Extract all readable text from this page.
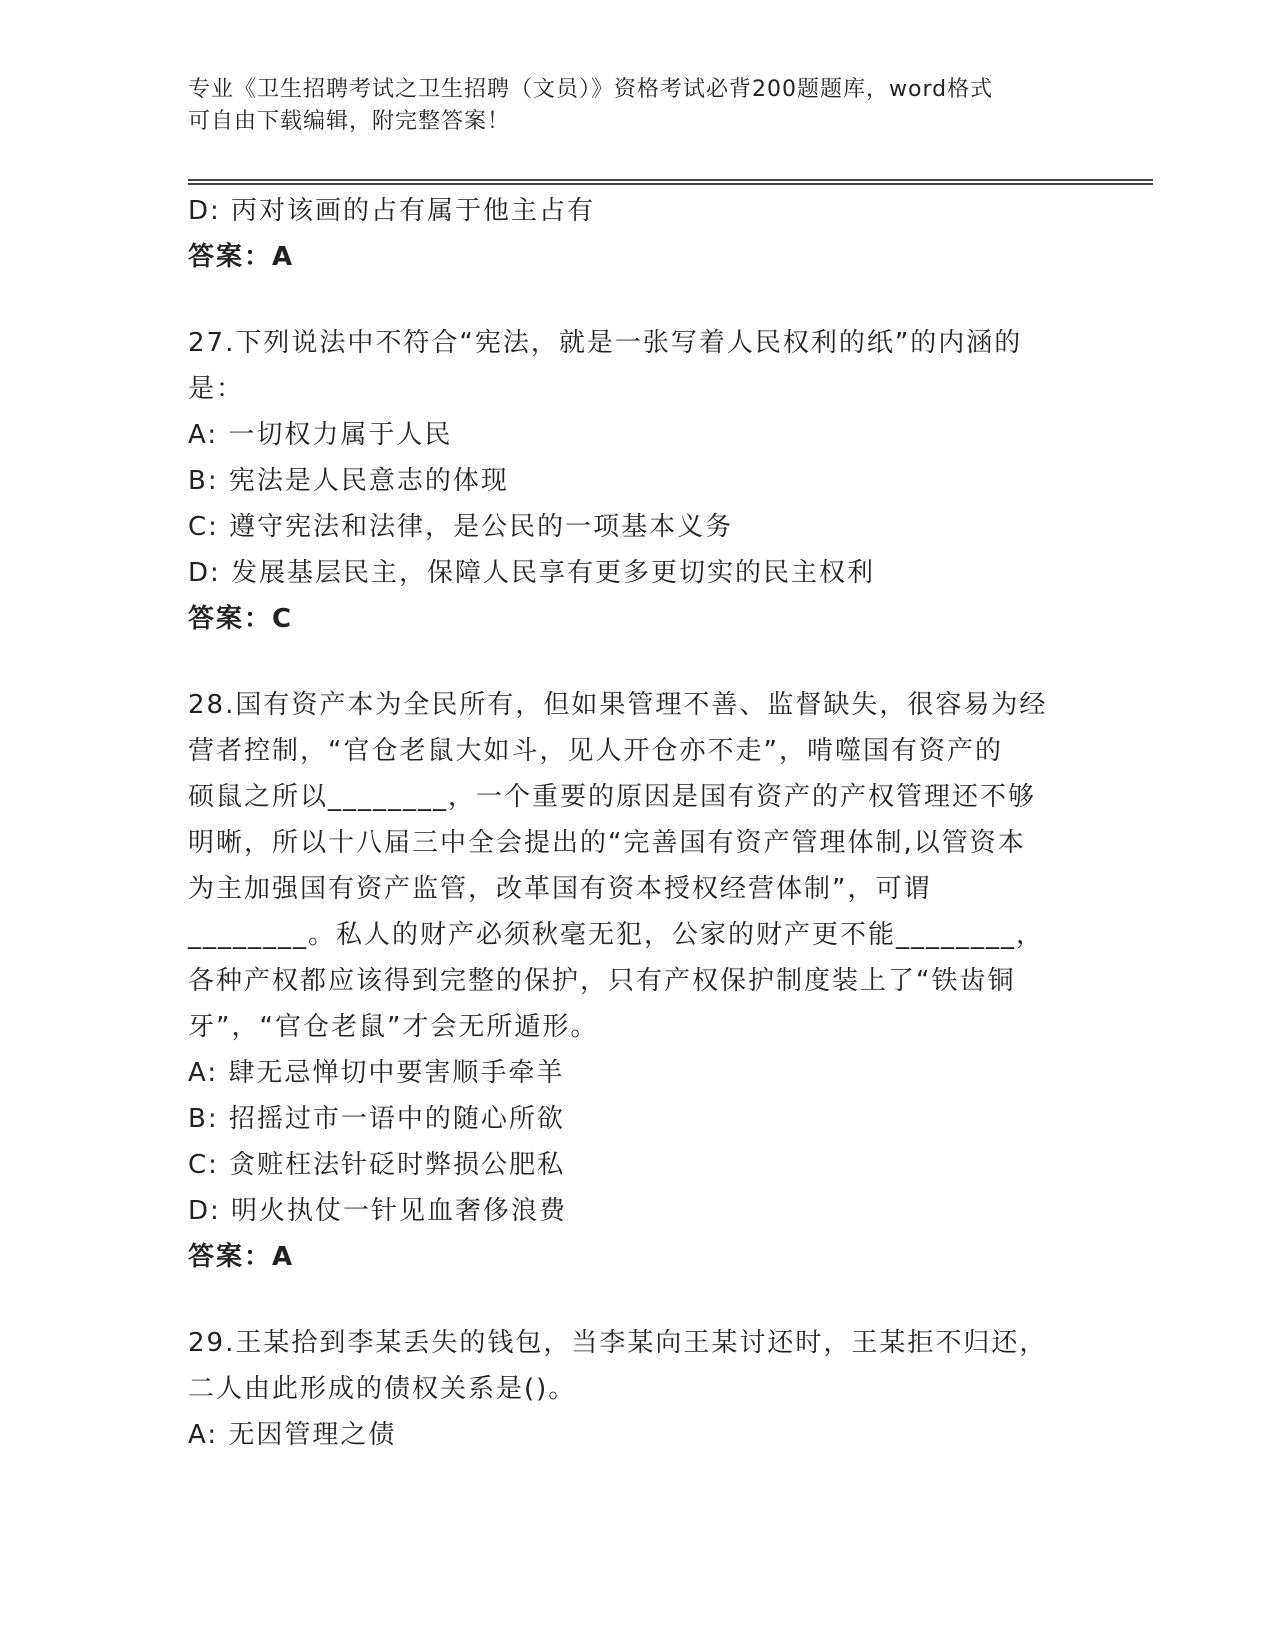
专业《卫生招聘考试之卫生招聘（文员）》资格考试必背200题题库，word格式
可自由下载编辑，附完整答案！
D: 丙对该画的占有属于他主占有
答案：A
27.下列说法中不符合“宪法，就是一张写着人民权利的纸”的内涵的
是：
A: 一切权力属于人民
B: 宪法是人民意志的体现
C: 遵守宪法和法律，是公民的一项基本义务
D: 发展基层民主，保障人民享有更多更切实的民主权利
答案：C
28.国有资产本为全民所有，但如果管理不善、监督缺失，很容易为经
营者控制，“官仓老鼠大如斗，见人开仓亦不走”，啃噬国有资产的
硕鼠之所以________，一个重要的原因是国有资产的产权管理还不够
明晰，所以十八届三中全会提出的“完善国有资产管理体制,以管资本
为主加强国有资产监管，改革国有资本授权经营体制”，可谓
________。私人的财产必须秋毫无犯，公家的财产更不能________，
各种产权都应该得到完整的保护，只有产权保护制度装上了“铁齿铜
牙”，“官仓老鼠”才会无所遁形。
A: 肆无忌惮切中要害顺手牵羊
B: 招摇过市一语中的随心所欲
C: 贪赃枉法针砭时弊损公肥私
D: 明火执仗一针见血奢侈浪费
答案：A
29.王某拾到李某丢失的钱包，当李某向王某讨还时，王某拒不归还，
二人由此形成的债权关系是()。
A: 无因管理之债
